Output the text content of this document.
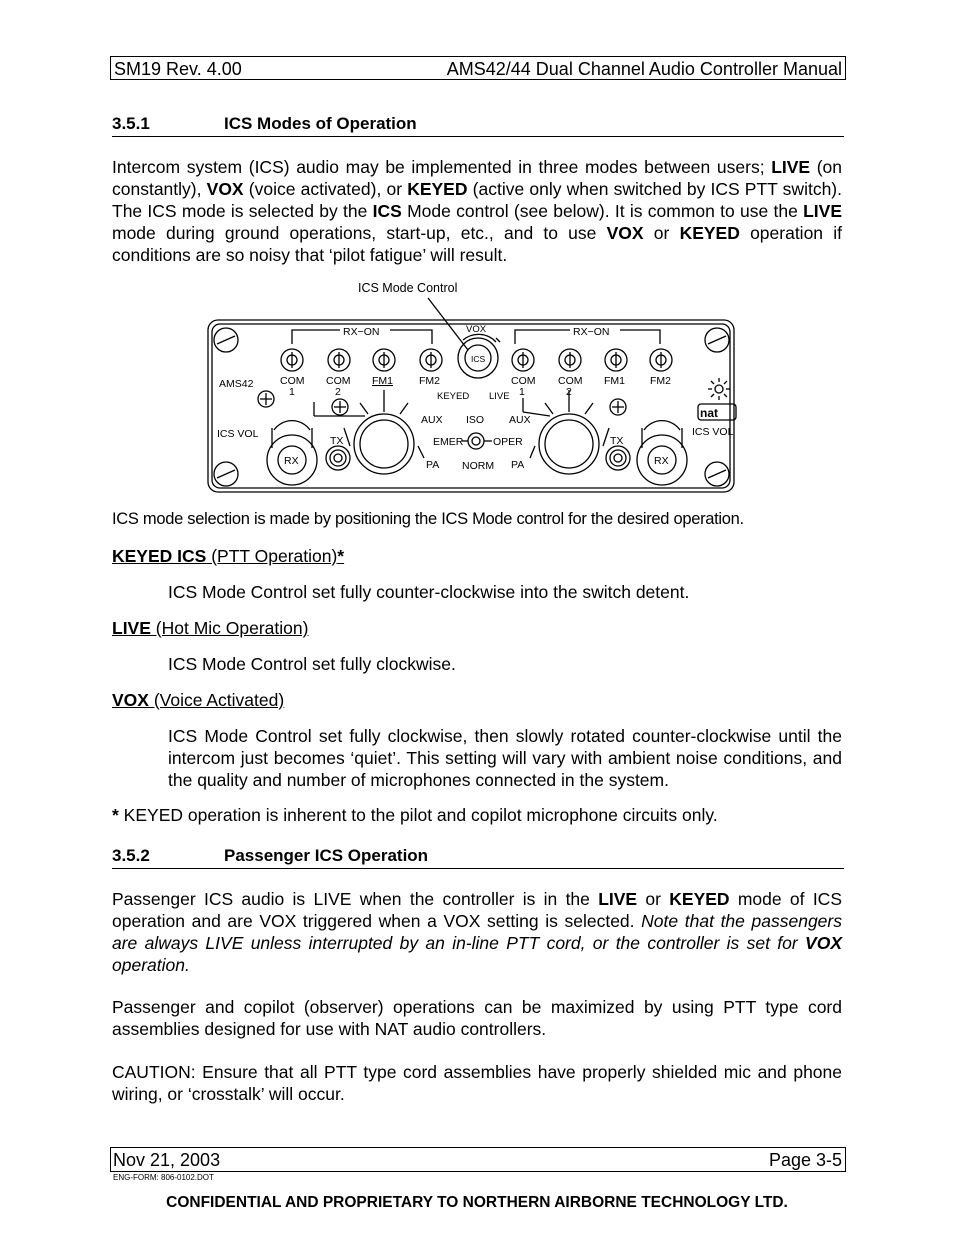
SM19 Rev. 4.00	AMS42/44 Dual Channel Audio Controller Manual
3.5.1	ICS Modes of Operation
Intercom system (ICS) audio may be implemented in three modes between users; LIVE (on constantly), VOX (voice activated), or KEYED (active only when switched by ICS PTT switch). The ICS mode is selected by the ICS Mode control (see below). It is common to use the LIVE mode during ground operations, start-up, etc., and to use VOX or KEYED operation if conditions are so noisy that ‘pilot fatigue’ will result.
ICS Mode Control
RX−ON	RX−ON
VOX
ICS
KEYED LIVE
AMS42	COM
1
COM
2
FM1 FM2	COM
1
COM
2
FM1 FM2
ICS VOL	ICS VOL
TX	TX
RX	RX
AUX ISO AUX
EMER	OPER
PA NORM PA
nat
ICS mode selection is made by positioning the ICS Mode control for the desired operation.
KEYED ICS (PTT Operation)*
ICS Mode Control set fully counter-clockwise into the switch detent.
LIVE (Hot Mic Operation)
ICS Mode Control set fully clockwise.
VOX (Voice Activated)
ICS Mode Control set fully clockwise, then slowly rotated counter-clockwise until the intercom just becomes ‘quiet’. This setting will vary with ambient noise conditions, and the quality and number of microphones connected in the system.
* KEYED operation is inherent to the pilot and copilot microphone circuits only.
3.5.2	Passenger ICS Operation
Passenger ICS audio is LIVE when the controller is in the LIVE or KEYED mode of ICS operation and are VOX triggered when a VOX setting is selected. Note that the passengers are always LIVE unless interrupted by an in-line PTT cord, or the controller is set for VOX operation.
Passenger and copilot (observer) operations can be maximized by using PTT type cord assemblies designed for use with NAT audio controllers.
CAUTION: Ensure that all PTT type cord assemblies have properly shielded mic and phone wiring, or ‘crosstalk’ will occur.
Nov 21, 2003	Page 3-5
ENG-FORM: 806-0102.DOT
CONFIDENTIAL AND PROPRIETARY TO NORTHERN AIRBORNE TECHNOLOGY LTD.
